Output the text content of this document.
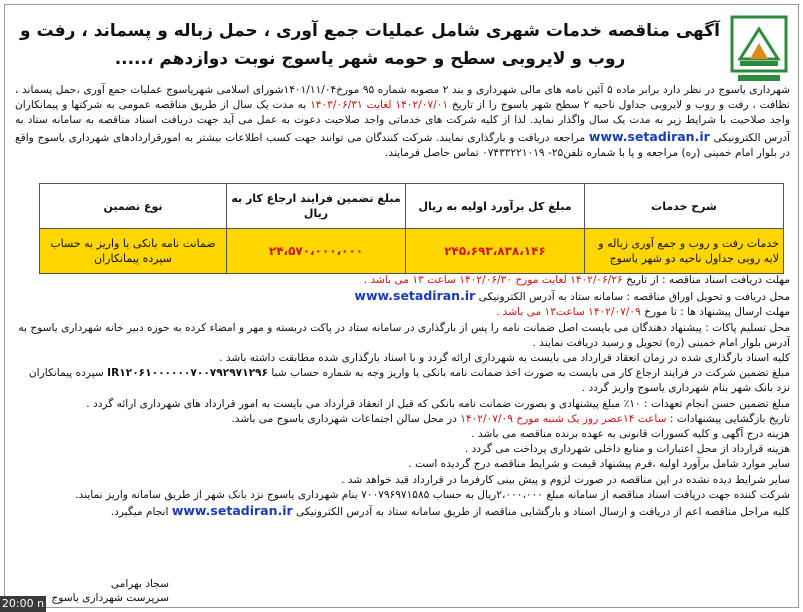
آگهی مناقصه خدمات شهری شامل عملیات جمع آوری ، حمل زباله و پسماند ، رفت و روب و لایروبی سطح و حومه شهر یاسوج نوبت دوازدهم ،.....
شهرداری یاسوج در نظر دارد برابر ماده ۵ آئین نامه های مالی شهرداری و بند ۲ مصوبه شماره ۹۵ مورخ۱۴۰۱/۱۱/۰۴شورای اسلامی شهریاسوج عملیات جمع آوری ،حمل پسماند ، نظافت ، رفت و روب و لایروبی جداول ناحیه ۲ سطح شهر یاسوج را از تاریخ ۱۴۰۲/۰۷/۰۱ لغایت ۱۴۰۳/۰۶/۳۱ به مدت یک سال از طریق مناقصه عمومی به شرکتها و پیمانکاران واجد صلاحیت با شرایط زیر به مدت یک سال واگذار نماید. لذا از کلیه شرکت های خدماتی واجد صلاحیت دعوت به عمل می آید جهت دریافت اسناد مناقصه به سامانه ستاد به آدرس الکترونیکی www.setadiran.ir مراجعه دریافت و بارگذاری نمایند. شرکت کنندگان می توانند جهت کسب اطلاعات بیشتر به امورقراردادهای شهرداری یاسوج واقع در بلوار امام خمینی (ره) مراجعه و یا با شماره تلفن۲۵- ۰۷۴۳۳۲۲۱۰۱۹ تماس حاصل فرمایند.
شرح خدمات	مبلغ کل برآورد اولیه به ریال	مبلغ تضمین فرایند ارجاع کار به ریال	نوع تضمین
خدمات رفت و روب و جمع آوری زباله و لایه روبی جداول ناحیه دو شهر یاسوج	۲۴۵،۶۹۳،۸۳۸،۱۴۶	۲۴،۵۷۰،۰۰۰،۰۰۰	ضمانت نامه بانکی یا واریز به حساب سپرده پیمانکاران
مهلت دریافت اسناد مناقصه : از تاریخ ۱۴۰۲/۰۶/۲۶ لغایت مورخ ۱۴۰۲/۰۶/۳۰ ساعت ۱۳ می باشد .
محل دریافت و تحویل اوراق مناقصه : سامانه ستاد به آدرس الکترونیکی www.setadiran.ir
مهلت ارسال پیشنهاد ها : تا مورخ ۱۴۰۲/۰۷/۰۹ ساعت۱۳ می باشد .
محل تسلیم پاکات : پیشنهاد دهندگان می بایست اصل ضمانت نامه را پس از بارگذاری در سامانه ستاد در پاکت دربسته و مهر و امضاء کرده به حوزه دبیر خانه شهرداری یاسوج به آدرس بلوار امام خمینی (ره) تحویل و رسید دریافت نمایند .
کلیه اسناد بارگذاری شده در زمان انعقاد قرارداد می بایست به شهرداری ارائه گردد و با اسناد بارگذاری شده مطابقت داشته باشد .
مبلغ تضمین شرکت در فرایند ارجاع کار می بایست به صورت اخذ ضمانت نامه بانکی یا واریز وجه به شماره حساب شبا IR۱۲۰۶۱۰۰۰۰۰۰۷۰۰۷۹۲۹۷۱۲۹۶ سپرده پیمانکاران نزد بانک شهر بنام شهرداری یاسوج واریز گردد .
مبلغ تضمین حسن انجام تعهدات : ۱۰٪ مبلغ پیشنهادی و بصورت ضمانت نامه بانکی که قبل از انعقاد قرارداد می بایست به امور قرارداد های شهرداری ارائه گردد .
تاریخ بازگشایی پیشنهادات : ساعت ۱۴عصر روز یک شنبه مورخ ۱۴۰۲/۰۷/۰۹ در محل سالن اجتماعات شهرداری یاسوج می باشد.
هزینه درج آگهی و کلیه کسورات قانونی به عهده برنده مناقصه می باشد .
هزینه قرارداد از محل اعتبارات و منابع داخلی شهرداری پرداخت می گردد .
سایر موارد شامل برآورد اولیه ،فرم پیشنهاد قیمت و شرایط مناقصه درج گردیده است .
سایر شرایط دیده نشده در این مناقصه در صورت لزوم و پیش بینی کارفرما در قرارداد قید خواهد شد .
شرکت کننده جهت دریافت اسناد مناقصه از سامانه مبلغ ۲،۰۰۰،۰۰۰ریال به حساب ۷۰۰۷۹۶۹۷۱۵۸۵ بنام شهرداری یاسوج نزد بانک شهر از طریق سامانه واریز نمایند.
کلیه مراحل مناقصه اعم از دریافت و ارسال اسناد و بارگشایی مناقصه از طریق سامانه ستاد به آدرس الکترونیکی www.setadiran.ir انجام میگیرد.
سجاد بهرامی
سرپرست شهرداری یاسوج
20:00 n
